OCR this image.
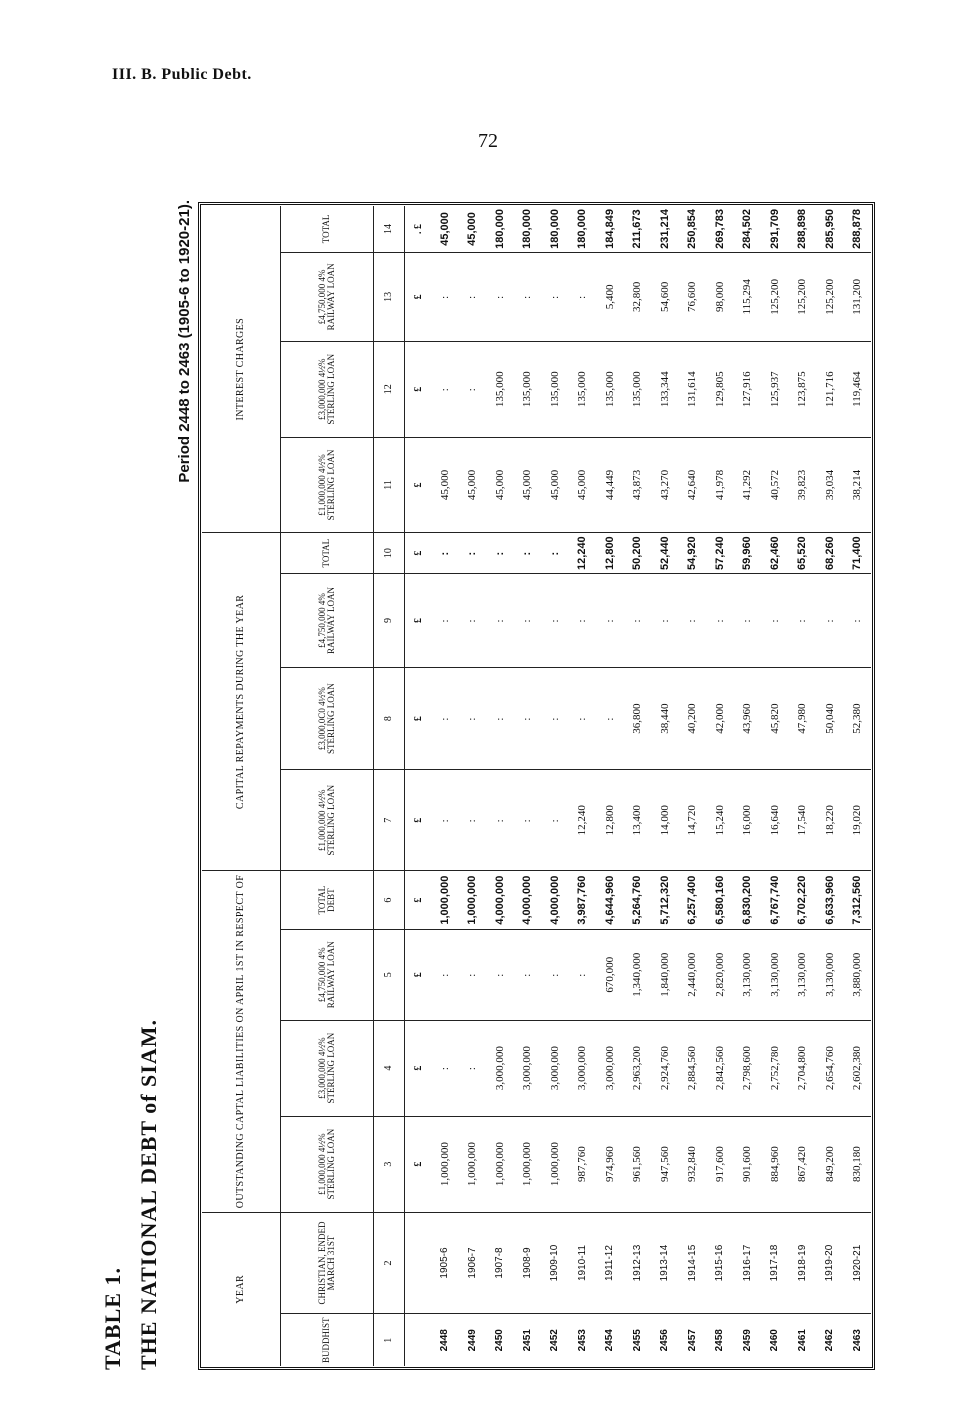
III. B. Public Debt.
72
TABLE 1. THE NATIONAL DEBT of SIAM.
Period 2448 to 2463 (1905-6 to 1920-21).
YEAR		OUTSTANDING CAPTAL LIABILITIES ON APRIL 1ST IN RESPECT OF				CAPITAL REPAYMENTS DURING THE YEAR				INTEREST CHARGES			
BUDDHIST	CHRISTIAN, ENDED MARCH 31ST	£1,000,000 4½% STERLING LOAN	£3,000,000 4½% STERLING LOAN	£4,750,000 4% RAILWAY LOAN	TOTAL DEBT	£1,000,000 4½% STERLING LOAN	£3,000,0C0 4½% STERLING LOAN	£4,750,000 4% RAILWAY LOAN	TOTAL	£1,000,000 4½% STERLING LOAN	£3,000,000 4½% STERLING LOAN	£4,750,000 4% RAILWAY LOAN	TOTAL
1	2	3	4	5	6	7	8	9	10	11	12	13	14
		£	£	£	£	£	£	£	£	£	£	£	. £
2448	1905-6	1,000,000	:	:	1,000,000	:	:	:	:	45,000	:	:	45,000
2449	1906-7	1,000,000	:	:	1,000,000	:	:	:	:	45,000	:	:	45,000
2450	1907-8	1,000,000	3,000,000	:	4,000,000	:	:	:	:	45,000	135,000	:	180,000
2451	1908-9	1,000,000	3,000,000	:	4,000,000	:	:	:	:	45,000	135,000	:	180,000
2452	1909-10	1,000,000	3,000,000	:	4,000,000	:	:	:	:	45,000	135,000	:	180,000
2453	1910-11	987,760	3,000,000	:	3,987,760	12,240	:	:	12,240	45,000	135,000	:	180,000
2454	1911-12	974,960	3,000,000	670,000	4,644,960	12,800	:	:	12,800	44,449	135,000	5,400	184,849
2455	1912-13	961,560	2,963,200	1,340,000	5,264,760	13,400	36,800	:	50,200	43,873	135,000	32,800	211,673
2456	1913-14	947,560	2,924,760	1,840,000	5,712,320	14,000	38,440	:	52,440	43,270	133,344	54,600	231,214
2457	1914-15	932,840	2,884,560	2,440,000	6,257,400	14,720	40,200	:	54,920	42,640	131,614	76,600	250,854
2458	1915-16	917,600	2,842,560	2,820,000	6,580,160	15,240	42,000	:	57,240	41,978	129,805	98,000	269,783
2459	1916-17	901,600	2,798,600	3,130,000	6,830,200	16,000	43,960	:	59,960	41,292	127,916	115,294	284,502
2460	1917-18	884,960	2,752,780	3,130,000	6,767,740	16,640	45,820	:	62,460	40,572	125,937	125,200	291,709
2461	1918-19	867,420	2,704,800	3,130,000	6,702,220	17,540	47,980	:	65,520	39,823	123,875	125,200	288,898
2462	1919-20	849,200	2,654,760	3,130,000	6,633,960	18,220	50,040	:	68,260	39,034	121,716	125,200	285,950
2463	1920-21	830,180	2,602,380	3,880,000	7,312,560	19,020	52,380	:	71,400	38,214	119,464	131,200	288,878
